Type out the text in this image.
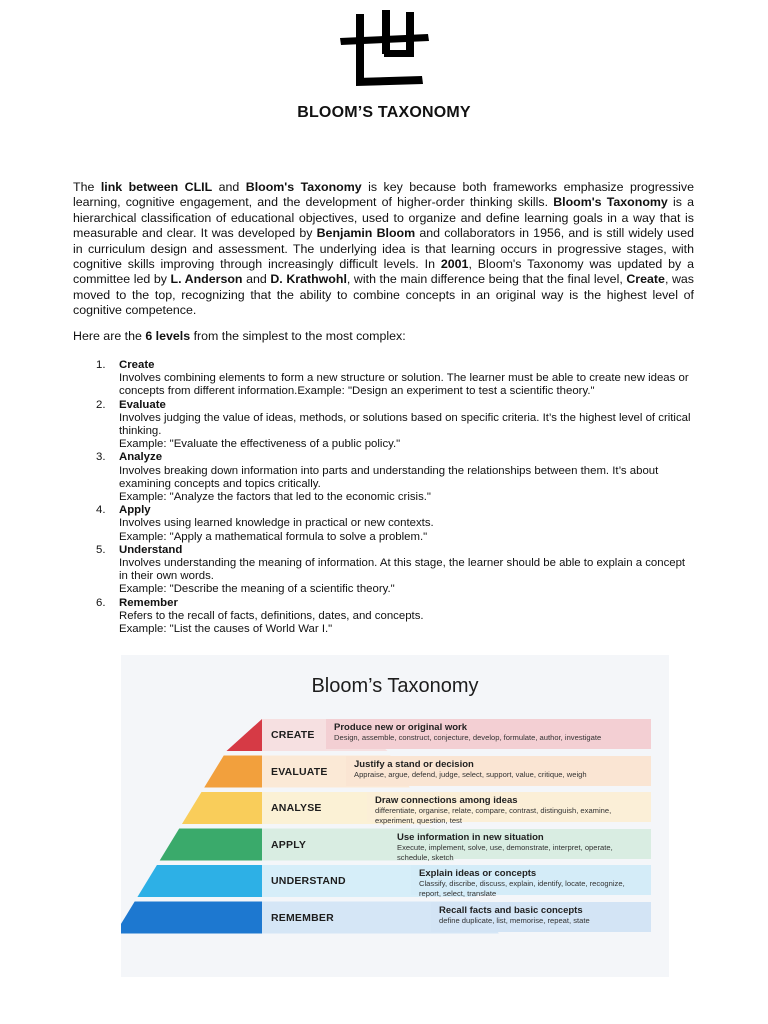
BLOOM’S TAXONOMY

The link between CLIL and Bloom's Taxonomy is key because both frameworks emphasize progressive learning, cognitive engagement, and the development of higher-order thinking skills. Bloom's Taxonomy is a hierarchical classification of educational objectives, used to organize and define learning goals in a way that is measurable and clear. It was developed by Benjamin Bloom and collaborators in 1956, and is still widely used in curriculum design and assessment. The underlying idea is that learning occurs in progressive stages, with cognitive skills improving through increasingly difficult levels. In 2001, Bloom's Taxonomy was updated by a committee led by L. Anderson and D. Krathwohl, with the main difference being that the final level, Create, was moved to the top, recognizing that the ability to combine concepts in an original way is the highest level of cognitive competence.

Here are the 6 levels from the simplest to the most complex:

1. Create
Involves combining elements to form a new structure or solution. The learner must be able to create new ideas or concepts from different information.Example: "Design an experiment to test a scientific theory."
2. Evaluate
Involves judging the value of ideas, methods, or solutions based on specific criteria. It’s the highest level of critical thinking.
Example: "Evaluate the effectiveness of a public policy."
3. Analyze
Involves breaking down information into parts and understanding the relationships between them. It’s about examining concepts and topics critically.
Example: "Analyze the factors that led to the economic crisis."
4. Apply
Involves using learned knowledge in practical or new contexts.
Example: "Apply a mathematical formula to solve a problem."
5. Understand
Involves understanding the meaning of information. At this stage, the learner should be able to explain a concept in their own words.
Example: "Describe the meaning of a scientific theory."
6. Remember
Refers to the recall of facts, definitions, dates, and concepts.
Example: "List the causes of World War I."
Bloom’s Taxonomy
CREATE
Produce new or original work
Design, assemble, construct, conjecture, develop, formulate, author, investigate
EVALUATE
Justify a stand or decision
Appraise, argue, defend, judge, select, support, value, critique, weigh
ANALYSE
Draw connections among ideas
differentiate, organise, relate, compare, contrast, distinguish, examine, experiment, question, test
APPLY
Use information in new situation
Execute, implement, solve, use, demonstrate, interpret, operate, schedule, sketch
UNDERSTAND
Explain ideas or concepts
Classify, discribe, discuss, explain, identify, locate, recognize, report, select, translate
REMEMBER
Recall facts and basic concepts
define duplicate, list, memorise, repeat, state
